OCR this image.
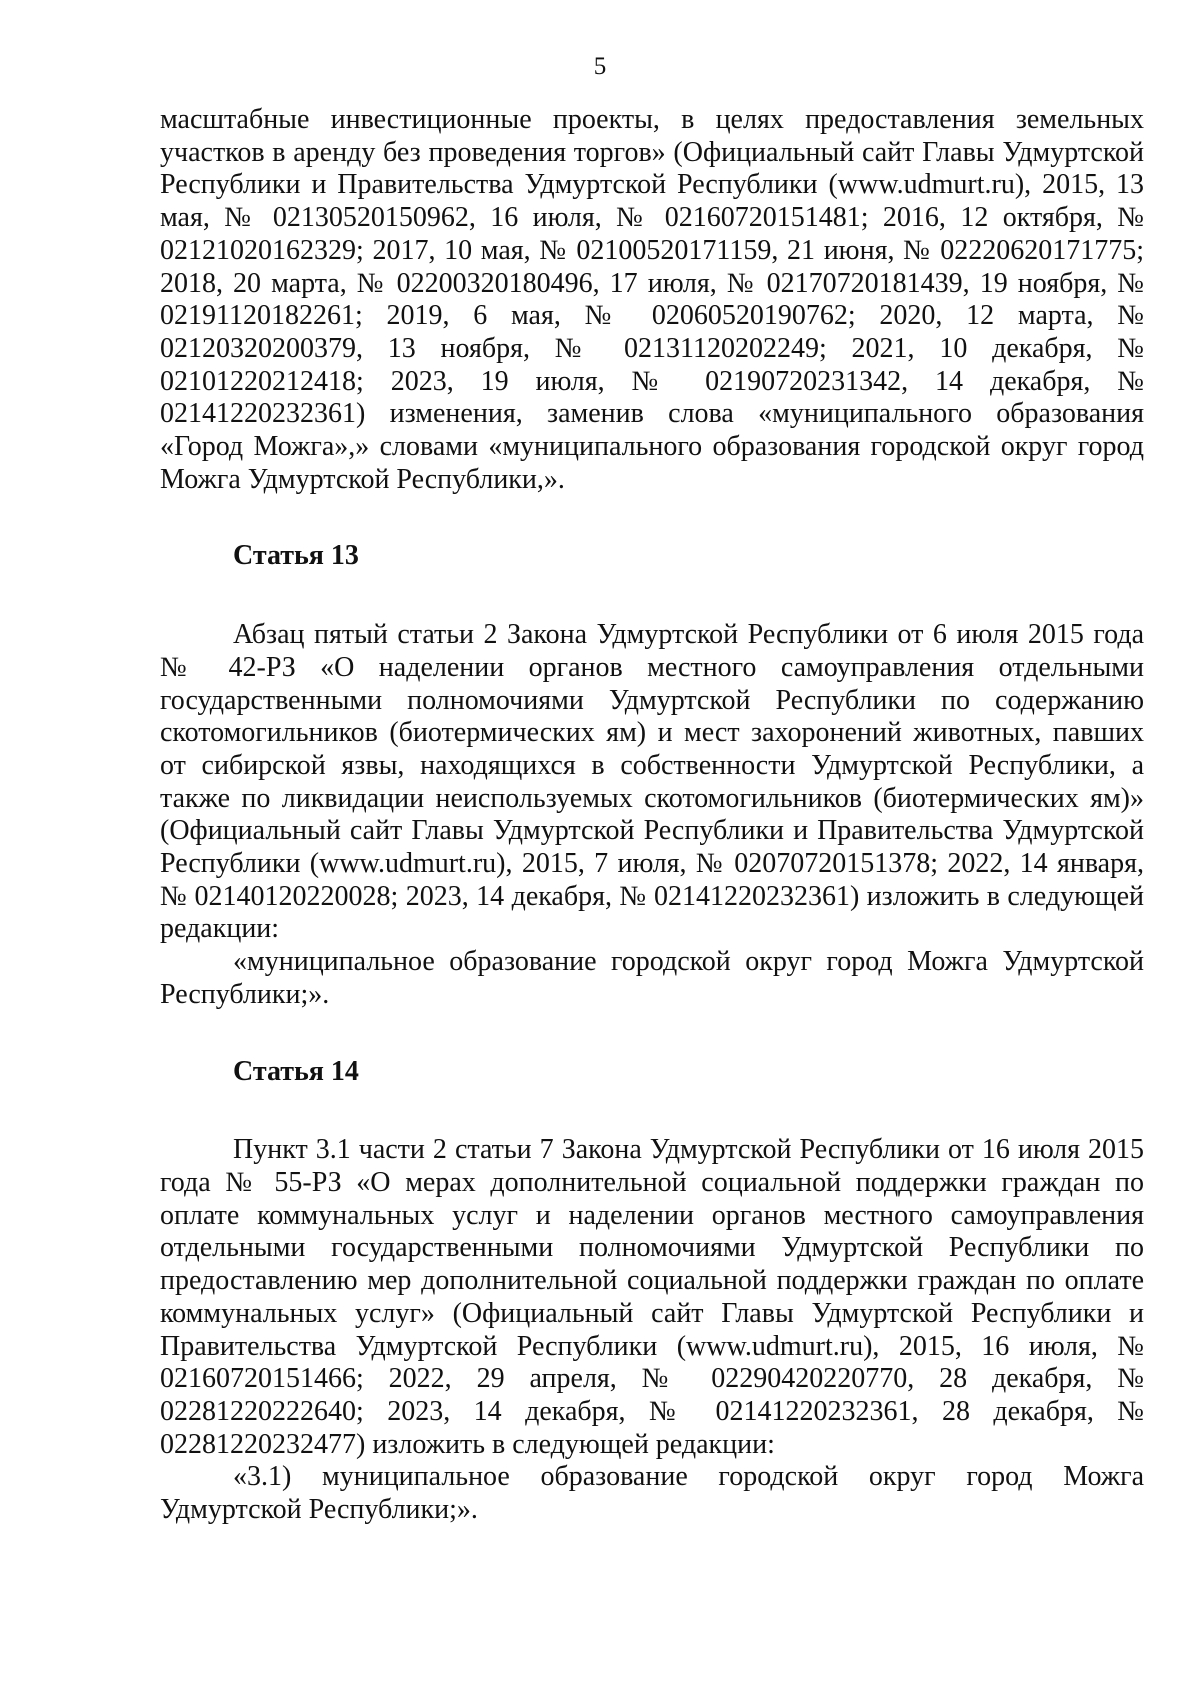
5

масштабные инвестиционные проекты, в целях предоставления земельных участков в аренду без проведения торгов» (Официальный сайт Главы Удмуртской Республики и Правительства Удмуртской Республики (www.udmurt.ru), 2015, 13 мая, № 02130520150962, 16 июля, № 02160720151481; 2016, 12 октября, № 02121020162329; 2017, 10 мая, № 02100520171159, 21 июня, № 02220620171775; 2018, 20 марта, № 02200320180496, 17 июля, № 02170720181439, 19 ноября, № 02191120182261; 2019, 6 мая, № 02060520190762; 2020, 12 марта, № 02120320200379, 13 ноября, № 02131120202249; 2021, 10 декабря, № 02101220212418; 2023, 19 июля, № 02190720231342, 14 декабря, № 02141220232361) изменения, заменив слова «муниципального образования «Город Можга»,» словами «муниципального образования городской округ город Можга Удмуртской Республики,».

Статья 13

Абзац пятый статьи 2 Закона Удмуртской Республики от 6 июля 2015 года № 42-РЗ «О наделении органов местного самоуправления отдельными государственными полномочиями Удмуртской Республики по содержанию скотомогильников (биотермических ям) и мест захоронений животных, павших от сибирской язвы, находящихся в собственности Удмуртской Республики, а также по ликвидации неиспользуемых скотомогильников (биотермических ям)» (Официальный сайт Главы Удмуртской Республики и Правительства Удмуртской Республики (www.udmurt.ru), 2015, 7 июля, № 02070720151378; 2022, 14 января, № 02140120220028; 2023, 14 декабря, № 02141220232361) изложить в следующей редакции:

«муниципальное образование городской округ город Можга Удмуртской Республики;».

Статья 14

Пункт 3.1 части 2 статьи 7 Закона Удмуртской Республики от 16 июля 2015 года № 55-РЗ «О мерах дополнительной социальной поддержки граждан по оплате коммунальных услуг и наделении органов местного самоуправления отдельными государственными полномочиями Удмуртской Республики по предоставлению мер дополнительной социальной поддержки граждан по оплате коммунальных услуг» (Официальный сайт Главы Удмуртской Республики и Правительства Удмуртской Республики (www.udmurt.ru), 2015, 16 июля, № 02160720151466; 2022, 29 апреля, № 02290420220770, 28 декабря, № 02281220222640; 2023, 14 декабря, № 02141220232361, 28 декабря, № 02281220232477) изложить в следующей редакции:

«3.1) муниципальное образование городской округ город Можга Удмуртской Республики;».
